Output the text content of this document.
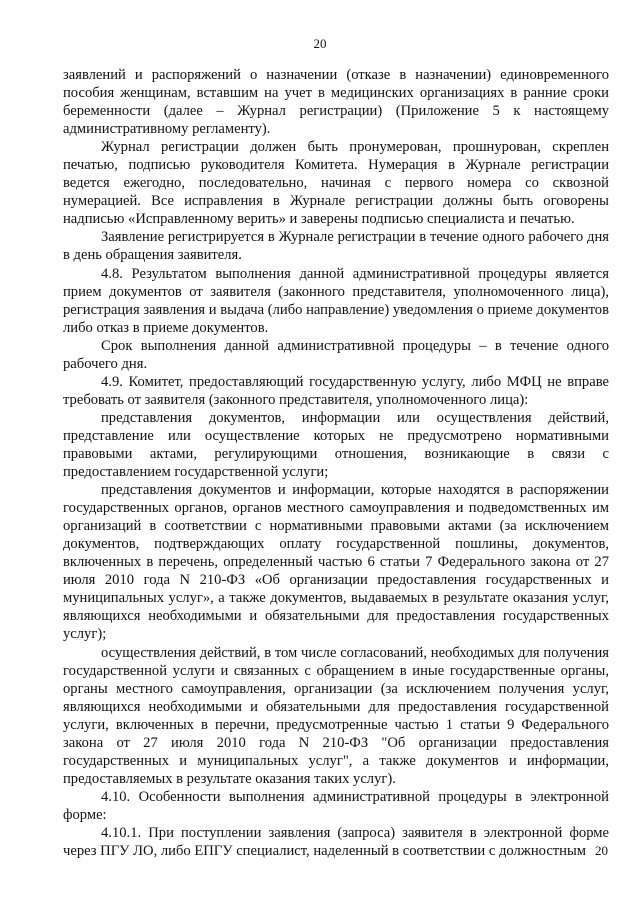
20

заявлений и распоряжений о назначении (отказе в назначении) единовременного пособия женщинам, вставшим на учет в медицинских организациях в ранние сроки беременности (далее – Журнал регистрации) (Приложение 5 к настоящему административному регламенту).

Журнал регистрации должен быть пронумерован, прошнурован, скреплен печатью, подписью руководителя Комитета. Нумерация в Журнале регистрации ведется ежегодно, последовательно, начиная с первого номера со сквозной нумерацией. Все исправления в Журнале регистрации должны быть оговорены надписью «Исправленному верить» и заверены подписью специалиста и печатью.

Заявление регистрируется в Журнале регистрации в течение одного рабочего дня в день обращения заявителя.

4.8. Результатом выполнения данной административной процедуры является прием документов от заявителя (законного представителя, уполномоченного лица), регистрация заявления и выдача (либо направление) уведомления о приеме документов либо отказ в приеме документов.

Срок выполнения данной административной процедуры – в течение одного рабочего дня.

4.9. Комитет, предоставляющий государственную услугу, либо МФЦ не вправе требовать от заявителя (законного представителя, уполномоченного лица):

представления документов, информации или осуществления действий, представление или осуществление которых не предусмотрено нормативными правовыми актами, регулирующими отношения, возникающие в связи с предоставлением государственной услуги;

представления документов и информации, которые находятся в распоряжении государственных органов, органов местного самоуправления и подведомственных им организаций в соответствии с нормативными правовыми актами (за исключением документов, подтверждающих оплату государственной пошлины, документов, включенных в перечень, определенный частью 6 статьи 7 Федерального закона от 27 июля 2010 года N 210-ФЗ «Об организации предоставления государственных и муниципальных услуг», а также документов, выдаваемых в результате оказания услуг, являющихся необходимыми и обязательными для предоставления государственных услуг);

осуществления действий, в том числе согласований, необходимых для получения государственной услуги и связанных с обращением в иные государственные органы, органы местного самоуправления, организации (за исключением получения услуг, являющихся необходимыми и обязательными для предоставления государственной услуги, включенных в перечни, предусмотренные частью 1 статьи 9 Федерального закона от 27 июля 2010 года N 210-ФЗ "Об организации предоставления государственных и муниципальных услуг", а также документов и информации, предоставляемых в результате оказания таких услуг).

4.10. Особенности выполнения административной процедуры в электронной форме:

4.10.1. При поступлении заявления (запроса) заявителя в электронной форме через ПГУ ЛО, либо ЕПГУ специалист, наделенный в соответствии с должностным 20
